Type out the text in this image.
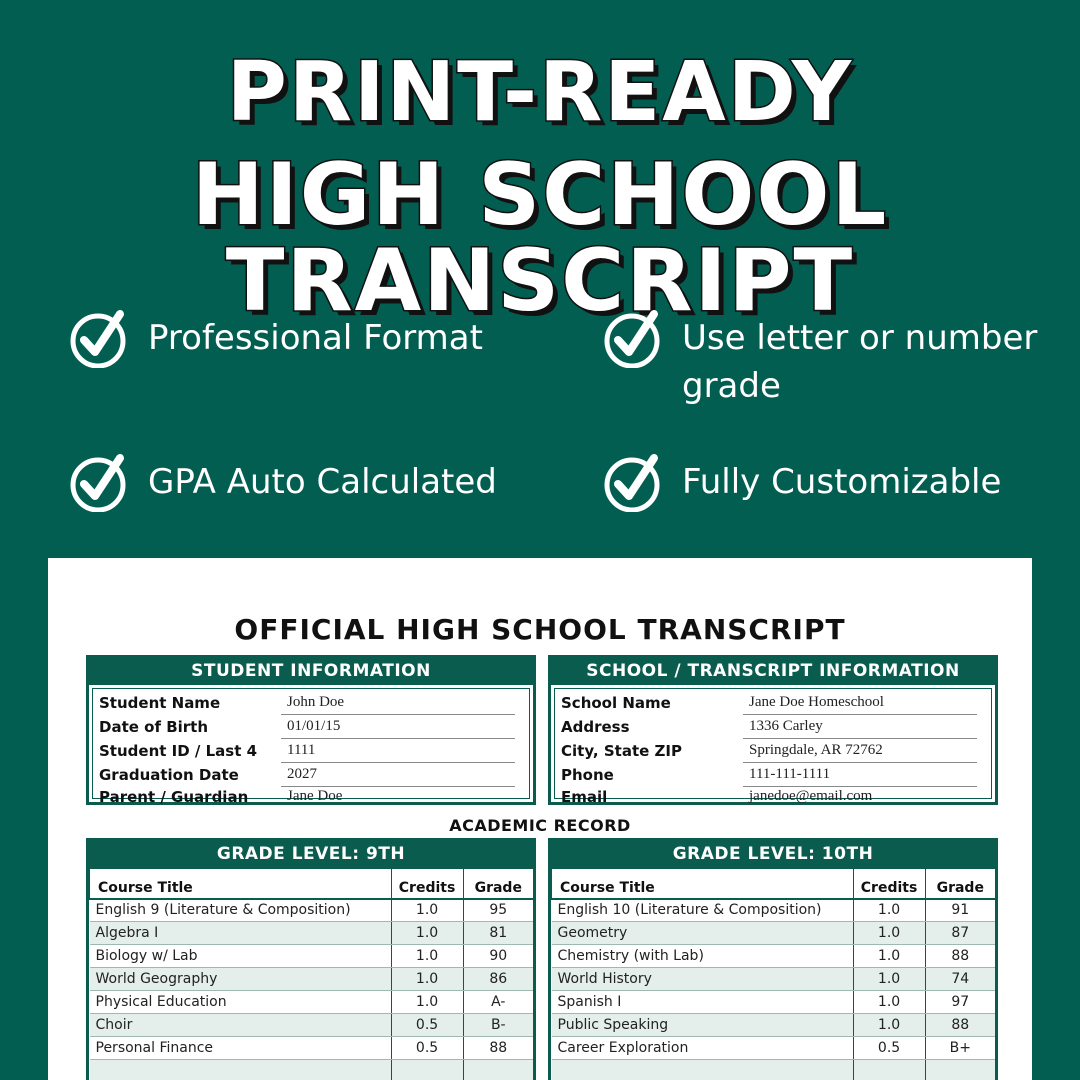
PRINT-READY
HIGH SCHOOL TRANSCRIPT
Professional Format	Use letter or number grade
GPA Auto Calculated	Fully Customizable
OFFICIAL HIGH SCHOOL TRANSCRIPT
STUDENT INFORMATION
Student Name	John Doe
Date of Birth	01/01/15
Student ID / Last 4	1111
Graduation Date	2027
Parent / Guardian	Jane Doe
SCHOOL / TRANSCRIPT INFORMATION
School Name	Jane Doe Homeschool
Address	1336 Carley
City, State ZIP	Springdale, AR 72762
Phone	111-111-1111
Email	janedoe@email.com
ACADEMIC RECORD
GRADE LEVEL: 9TH
Course Title	Credits	Grade
English 9 (Literature & Composition)	1.0	95
Algebra I	1.0	81
Biology w/ Lab	1.0	90
World Geography	1.0	86
Physical Education	1.0	A-
Choir	0.5	B-
Personal Finance	0.5	88

GRADE LEVEL: 10TH
Course Title	Credits	Grade
English 10 (Literature & Composition)	1.0	91
Geometry	1.0	87
Chemistry (with Lab)	1.0	88
World History	1.0	74
Spanish I	1.0	97
Public Speaking	1.0	88
Career Exploration	0.5	B+
